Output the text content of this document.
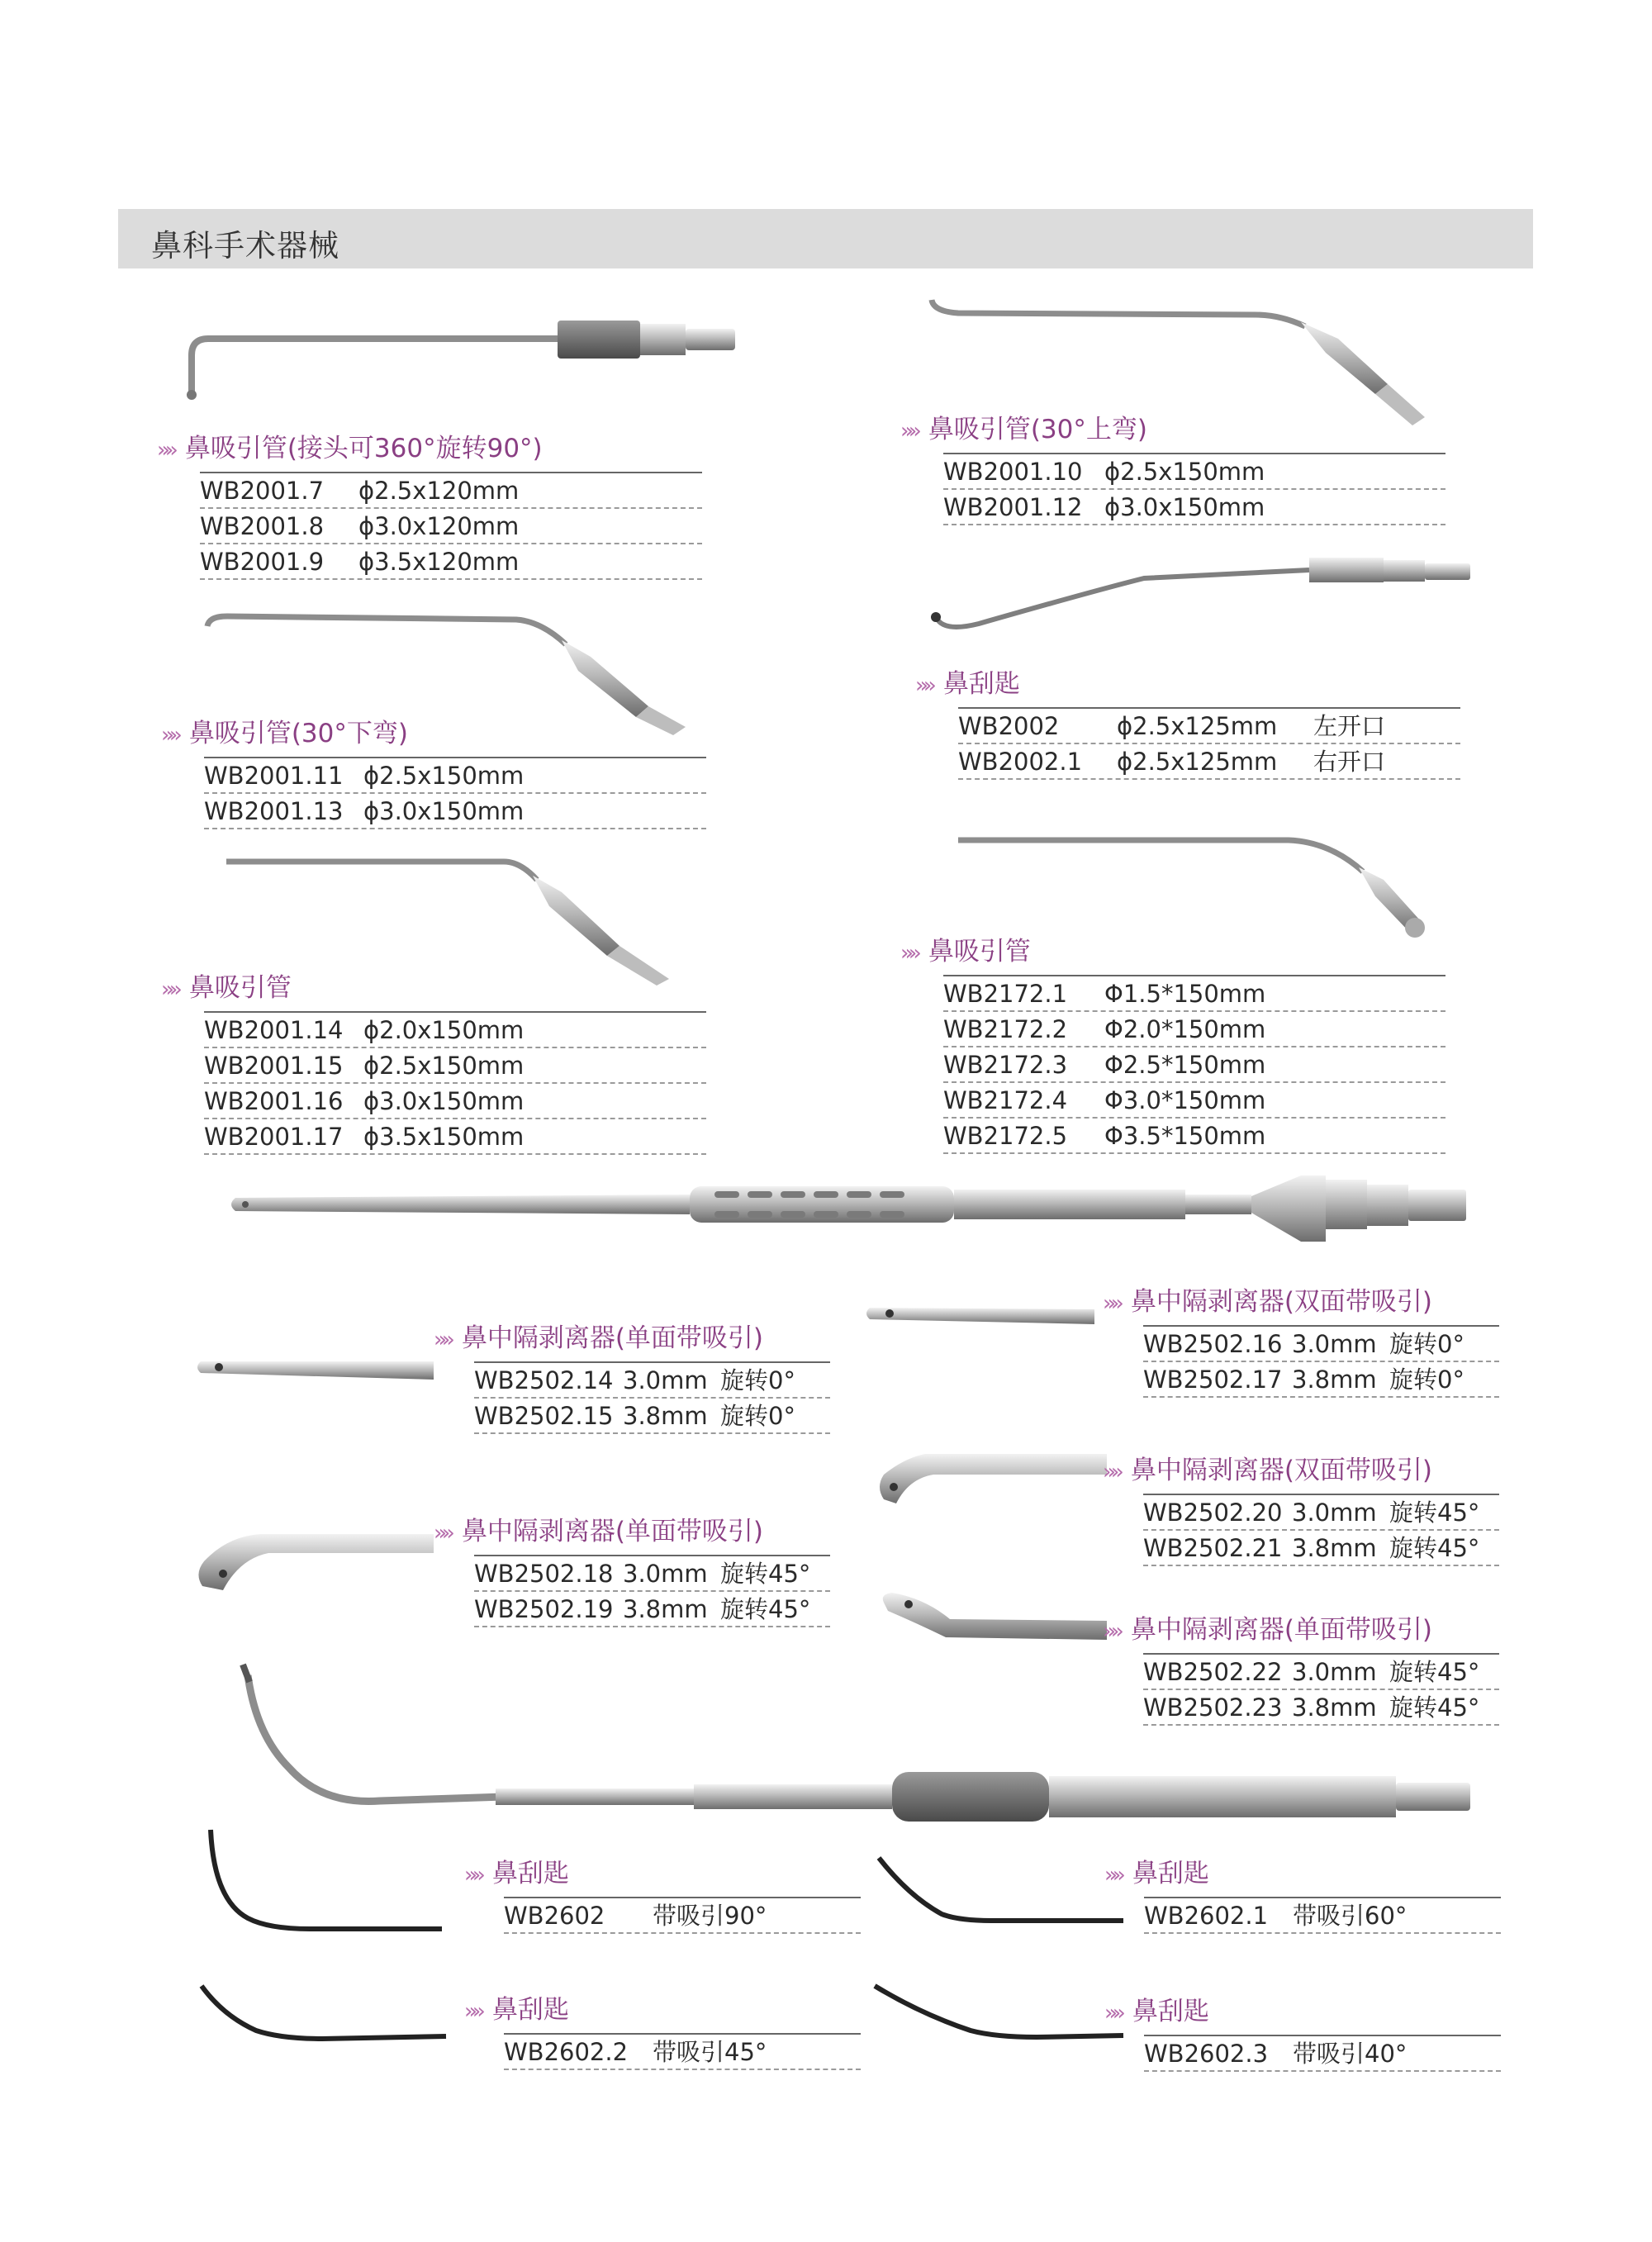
鼻科手术器械
»» 鼻吸引管(接头可360°旋转90°)
WB2001.7 ϕ2.5x120mm
WB2001.8 ϕ3.0x120mm
WB2001.9 ϕ3.5x120mm
»» 鼻吸引管(30°上弯)
WB2001.10 ϕ2.5x150mm
WB2001.12 ϕ3.0x150mm
»» 鼻吸引管(30°下弯)
WB2001.11 ϕ2.5x150mm
WB2001.13 ϕ3.0x150mm
»» 鼻刮匙
WB2002 ϕ2.5x125mm 左开口
WB2002.1 ϕ2.5x125mm 右开口
»» 鼻吸引管
WB2001.14 ϕ2.0x150mm
WB2001.15 ϕ2.5x150mm
WB2001.16 ϕ3.0x150mm
WB2001.17 ϕ3.5x150mm
»» 鼻吸引管
WB2172.1 Φ1.5*150mm
WB2172.2 Φ2.0*150mm
WB2172.3 Φ2.5*150mm
WB2172.4 Φ3.0*150mm
WB2172.5 Φ3.5*150mm
»» 鼻中隔剥离器(单面带吸引)
WB2502.14 3.0mm 旋转0°
WB2502.15 3.8mm 旋转0°
»» 鼻中隔剥离器(双面带吸引)
WB2502.16 3.0mm 旋转0°
WB2502.17 3.8mm 旋转0°
»» 鼻中隔剥离器(双面带吸引)
WB2502.20 3.0mm 旋转45°
WB2502.21 3.8mm 旋转45°
»» 鼻中隔剥离器(单面带吸引)
WB2502.18 3.0mm 旋转45°
WB2502.19 3.8mm 旋转45°
»» 鼻中隔剥离器(单面带吸引)
WB2502.22 3.0mm 旋转45°
WB2502.23 3.8mm 旋转45°
»» 鼻刮匙
WB2602 带吸引90°
»» 鼻刮匙
WB2602.1 带吸引60°
»» 鼻刮匙
WB2602.2 带吸引45°
»» 鼻刮匙
WB2602.3 带吸引40°
